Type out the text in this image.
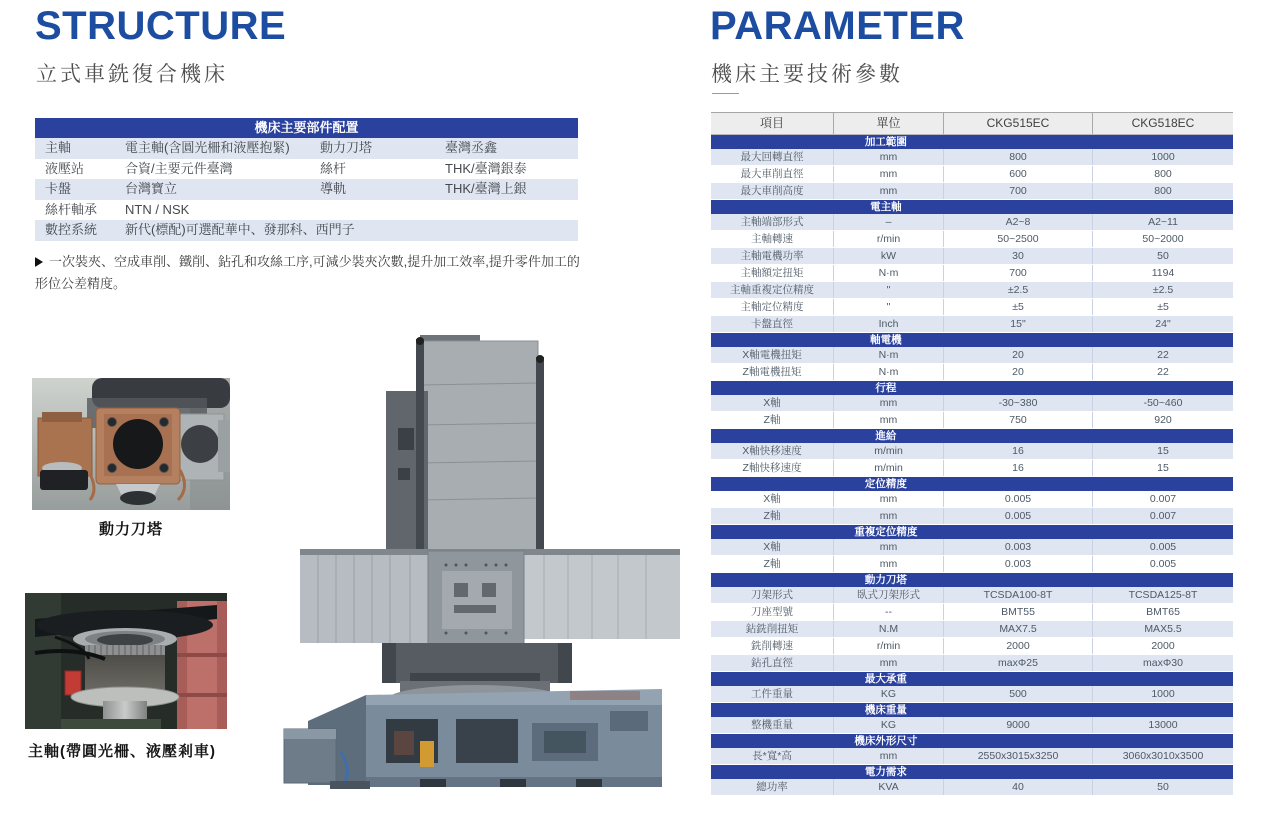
STRUCTURE
立式車銑復合機床
機床主要部件配置
主軸	電主軸(含圓光柵和液壓抱緊)	動力刀塔	臺灣丞鑫
液壓站	合資/主要元件臺灣	絲杆	THK/臺灣銀泰
卡盤	台灣寶立	導軌	THK/臺灣上銀
絲杆軸承	NTN / NSK
數控系統	新代(標配)可選配華中、發那科、西門子
一次裝夾、空成車削、鐵削、鉆孔和攻絲工序,可減少裝夾次數,提升加工效率,提升零件加工的形位公差精度。
動力刀塔
主軸(帶圓光柵、液壓剎車)
PARAMETER
機床主要技術參數
項目	單位	CKG515EC	CKG518EC
加工範圍
最大回轉直徑	mm	800	1000
最大車削直徑	mm	600	800
最大車削高度	mm	700	800
電主軸
主軸端部形式	–	A2~8	A2~11
主軸轉速	r/min	50~2500	50~2000
主軸電機功率	kW	30	50
主軸額定扭矩	N·m	700	1194
主軸重複定位精度	"	±2.5	±2.5
主軸定位精度	"	±5	±5
卡盤直徑	Inch	15"	24"
軸電機
X軸電機扭矩	N·m	20	22
Z軸電機扭矩	N·m	20	22
行程
X軸	mm	-30~380	-50~460
Z軸	mm	750	920
進給
X軸快移速度	m/min	16	15
Z軸快移速度	m/min	16	15
定位精度
X軸	mm	0.005	0.007
Z軸	mm	0.005	0.007
重複定位精度
X軸	mm	0.003	0.005
Z軸	mm	0.003	0.005
動力刀塔
刀架形式	臥式刀架形式	TCSDA100-8T	TCSDA125-8T
刀座型號	--	BMT55	BMT65
鉆銑削扭矩	N.M	MAX7.5	MAX5.5
銑削轉速	r/min	2000	2000
鉆孔直徑	mm	maxΦ25	maxΦ30
最大承重
工件重量	KG	500	1000
機床重量
整機重量	KG	9000	13000
機床外形尺寸
長*寬*高	mm	2550x3015x3250	3060x3010x3500
電力需求
總功率	KVA	40	50
